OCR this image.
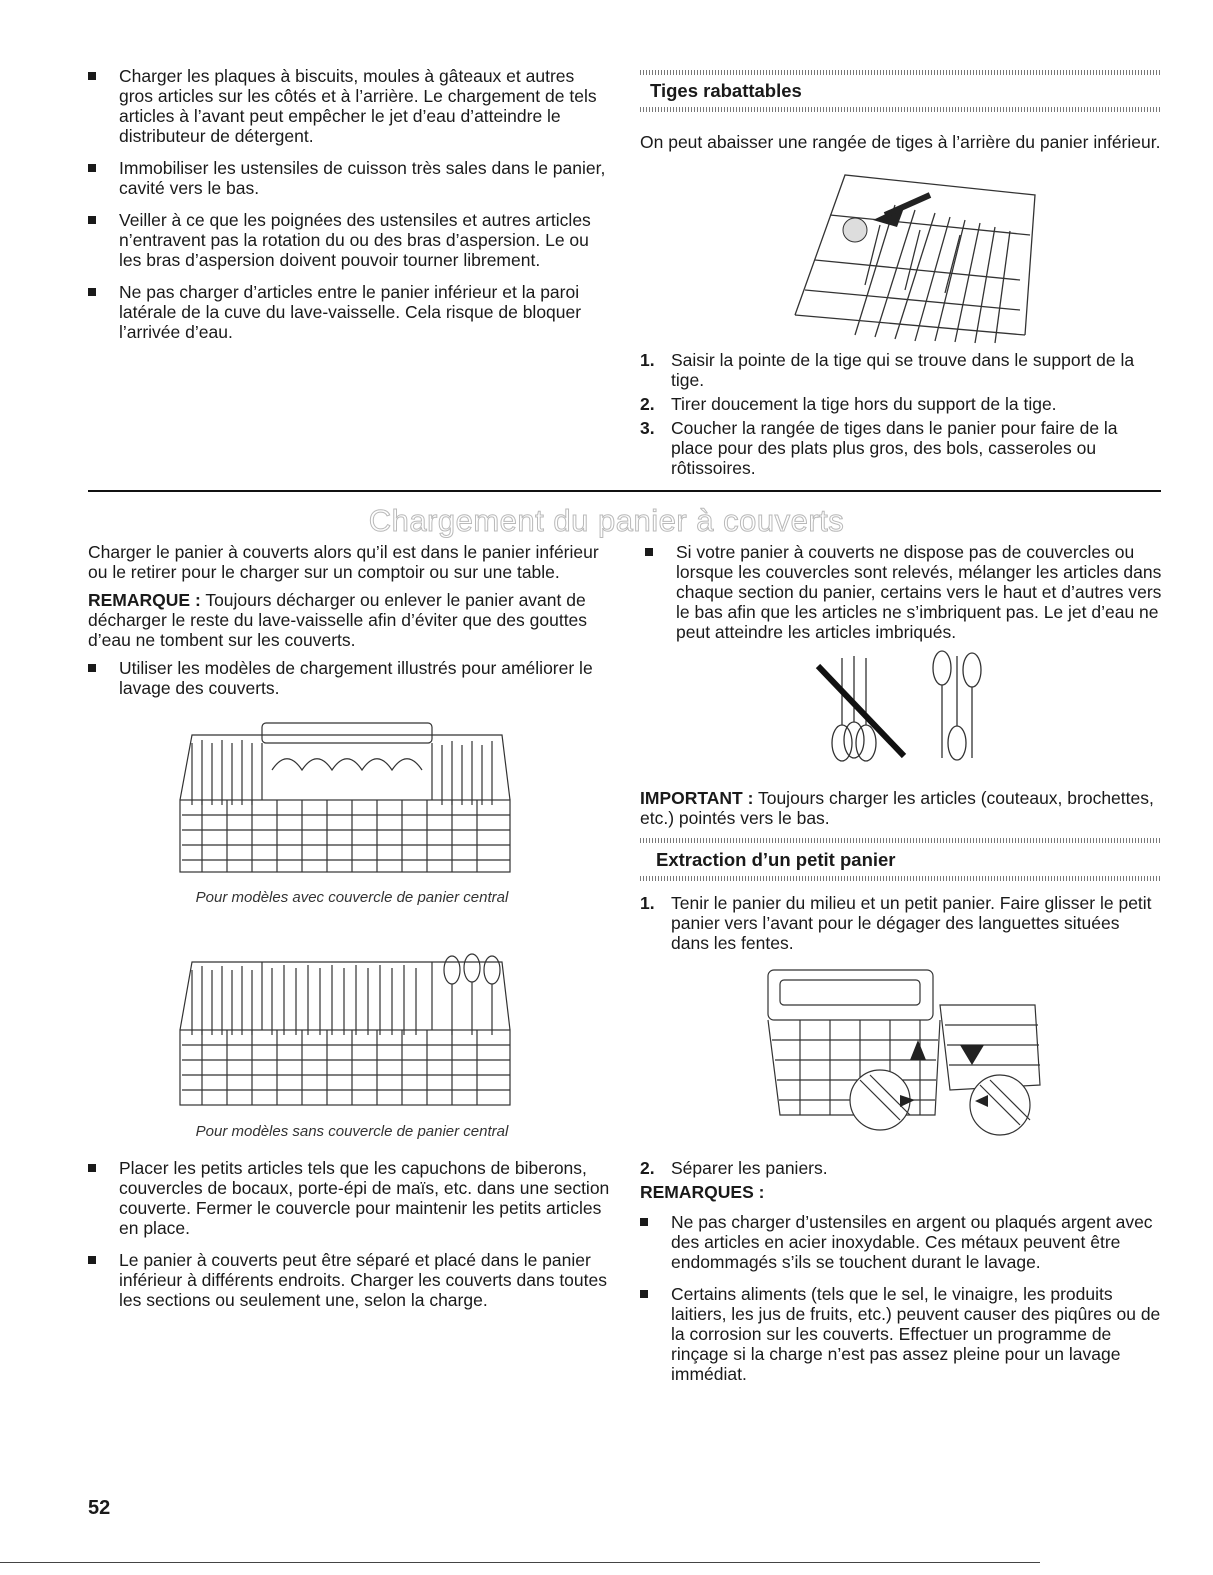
Charger les plaques à biscuits, moules à gâteaux et autres gros articles sur les côtés et à l’arrière. Le chargement de tels articles à l’avant peut empêcher le jet d’eau d’atteindre le distributeur de détergent.
Immobiliser les ustensiles de cuisson très sales dans le panier, cavité vers le bas.
Veiller à ce que les poignées des ustensiles et autres articles n’entravent pas la rotation du ou des bras d’aspersion. Le ou les bras d’aspersion doivent pouvoir tourner librement.
Ne pas charger d’articles entre le panier inférieur et la paroi latérale de la cuve du lave-vaisselle. Cela risque de bloquer l’arrivée d’eau.
Tiges rabattables

On peut abaisser une rangée de tiges à l’arrière du panier inférieur.

1. Saisir la pointe de la tige qui se trouve dans le support de la tige.
2. Tirer doucement la tige hors du support de la tige.
3. Coucher la rangée de tiges dans le panier pour faire de la place pour des plats plus gros, des bols, casseroles ou rôtissoires.
Chargement du panier à couverts

Charger le panier à couverts alors qu’il est dans le panier inférieur ou le retirer pour le charger sur un comptoir ou sur une table.

REMARQUE : Toujours décharger ou enlever le panier avant de décharger le reste du lave-vaisselle afin d’éviter que des gouttes d’eau ne tombent sur les couverts.

Utiliser les modèles de chargement illustrés pour améliorer le lavage des couverts.
Pour modèles avec couvercle de panier central
Pour modèles sans couvercle de panier central
Placer les petits articles tels que les capuchons de biberons, couvercles de bocaux, porte-épi de maïs, etc. dans une section couverte. Fermer le couvercle pour maintenir les petits articles en place.
Le panier à couverts peut être séparé et placé dans le panier inférieur à différents endroits. Charger les couverts dans toutes les sections ou seulement une, selon la charge.
Si votre panier à couverts ne dispose pas de couvercles ou lorsque les couvercles sont relevés, mélanger les articles dans chaque section du panier, certains vers le haut et d’autres vers le bas afin que les articles ne s’imbriquent pas. Le jet d’eau ne peut atteindre les articles imbriqués.

IMPORTANT : Toujours charger les articles (couteaux, brochettes, etc.) pointés vers le bas.

Extraction d’un petit panier
1. Tenir le panier du milieu et un petit panier. Faire glisser le petit panier vers l’avant pour le dégager des languettes situées dans les fentes.
2. Séparer les paniers.

REMARQUES :

Ne pas charger d’ustensiles en argent ou plaqués argent avec des articles en acier inoxydable. Ces métaux peuvent être endommagés s’ils se touchent durant le lavage.
Certains aliments (tels que le sel, le vinaigre, les produits laitiers, les jus de fruits, etc.) peuvent causer des piqûres ou de la corrosion sur les couverts. Effectuer un programme de rinçage si la charge n’est pas assez pleine pour un lavage immédiat.
52
